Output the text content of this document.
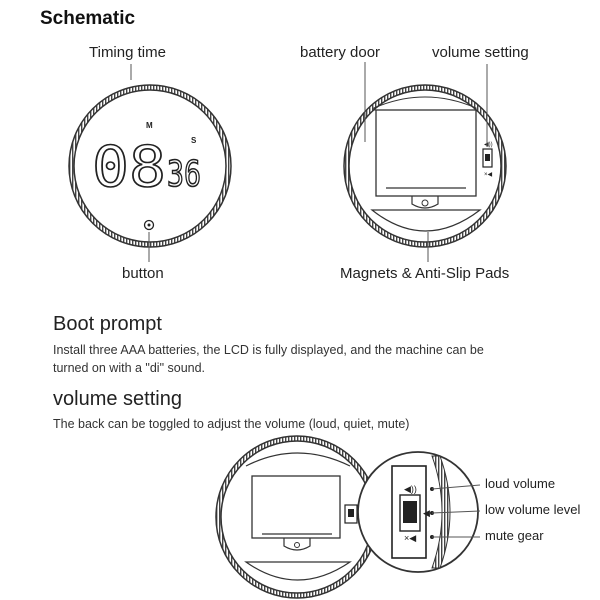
Schematic
M
S
08 36
◀))
×◀
◀))
◀
×◀
Timing time	battery door	volume setting
button	Magnets & Anti-Slip Pads
Boot prompt
Install three AAA batteries, the LCD is fully displayed, and the machine can be turned on with a "di" sound.
volume setting
The back can be toggled to adjust the volume (loud, quiet, mute)
loud volume
low volume level
mute gear
